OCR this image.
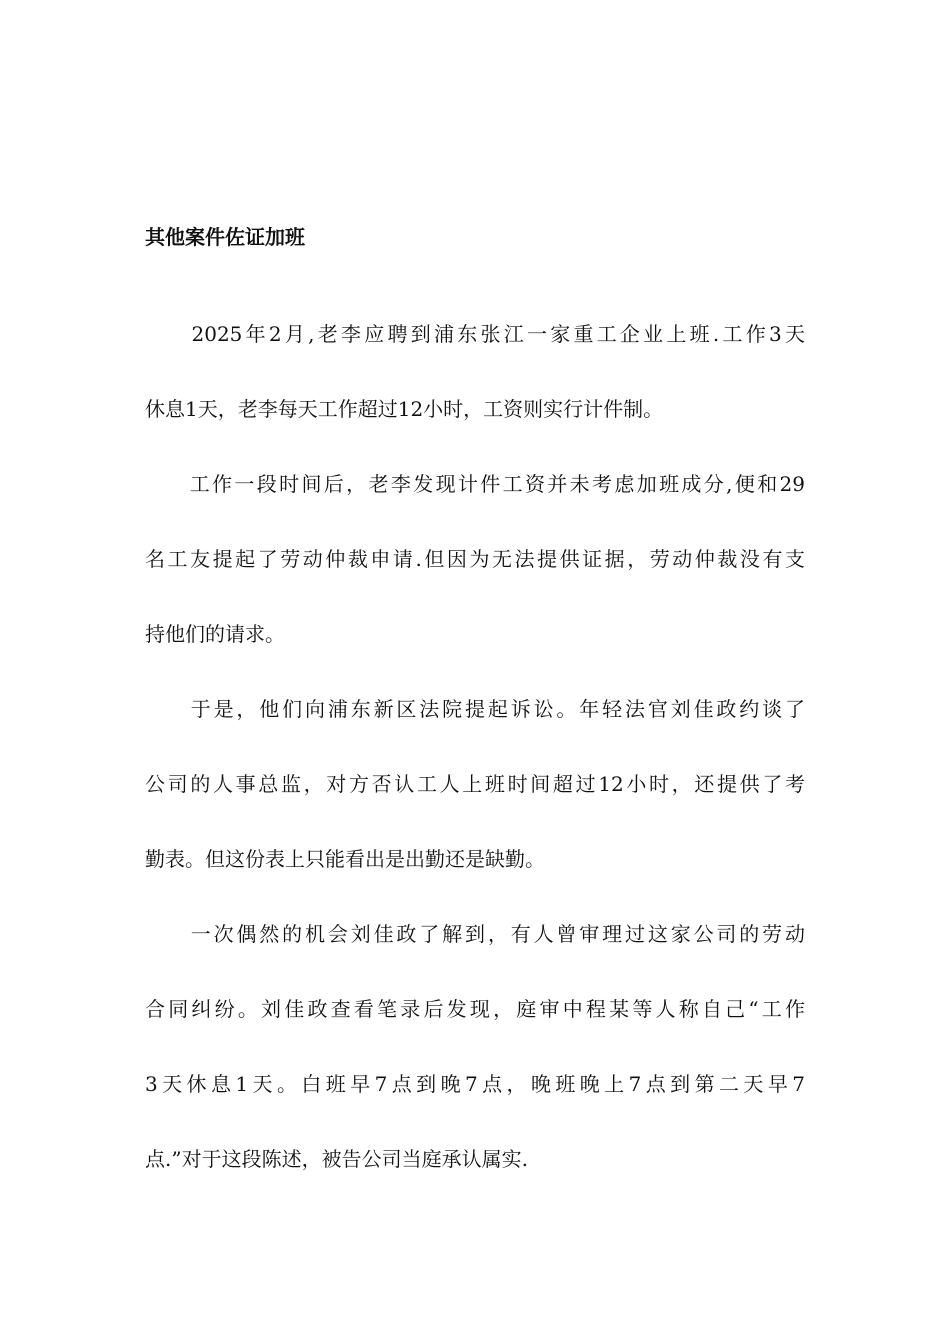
其他案件佐证加班

　　2025年2月,老李应聘到浦东张江一家重工企业上班.工作3天
休息1天，老李每天工作超过12小时，工资则实行计件制。

　　工作一段时间后，老李发现计件工资并未考虑加班成分,便和29
名工友提起了劳动仲裁申请.但因为无法提供证据，劳动仲裁没有支
持他们的请求。

　　于是，他们向浦东新区法院提起诉讼。年轻法官刘佳政约谈了
公司的人事总监，对方否认工人上班时间超过12小时，还提供了考
勤表。但这份表上只能看出是出勤还是缺勤。

　　一次偶然的机会刘佳政了解到，有人曾审理过这家公司的劳动
合同纠纷。刘佳政查看笔录后发现，庭审中程某等人称自己“工作
3天休息1天。白班早7点到晚7点，晚班晚上7点到第二天早7
点.”对于这段陈述，被告公司当庭承认属实.
